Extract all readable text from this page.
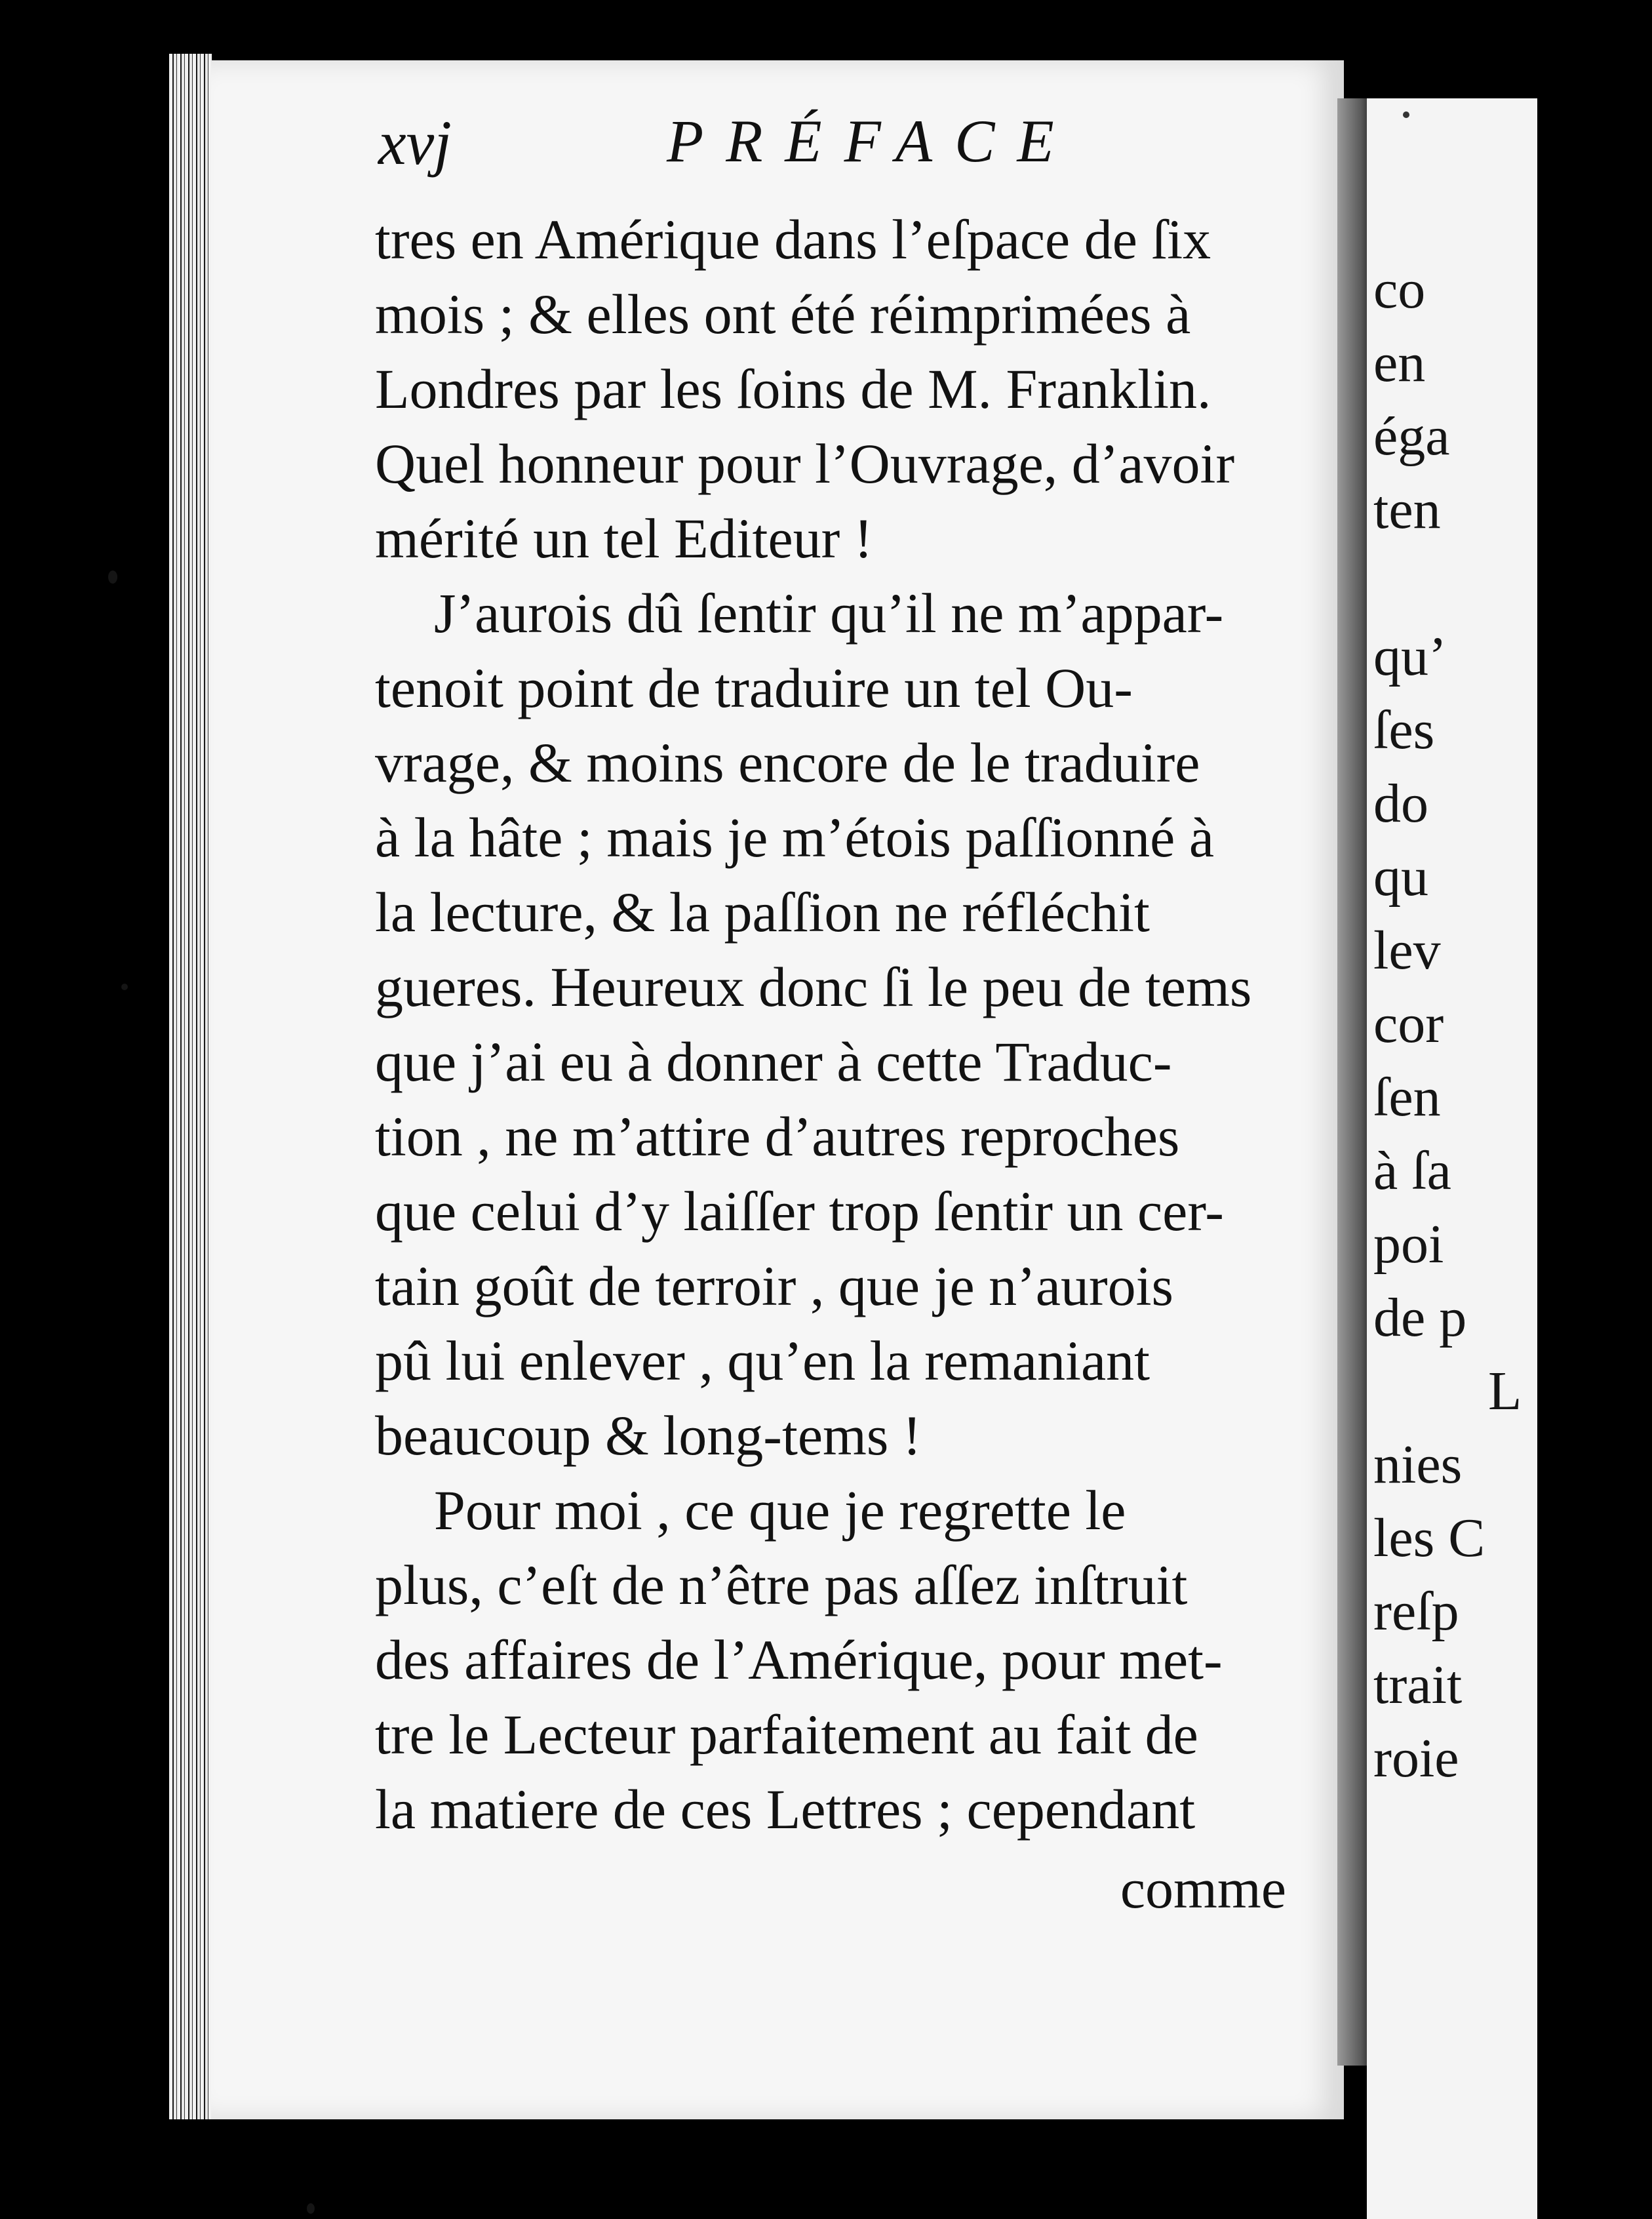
xvj	PRÉFACE
tres en Amérique dans l’eſpace de ſix
mois ; & elles ont été réimprimées à
Londres par les ſoins de M. Franklin.
Quel honneur pour l’Ouvrage, d’avoir
mérité un tel Editeur !
J’aurois dû ſentir qu’il ne m’appar-
tenoit point de traduire un tel Ou-
vrage, & moins encore de le traduire
à la hâte ; mais je m’étois paſſionné à
la lecture, & la paſſion ne réfléchit
gueres. Heureux donc ſi le peu de tems
que j’ai eu à donner à cette Traduc-
tion , ne m’attire d’autres reproches
que celui d’y laiſſer trop ſentir un cer-
tain goût de terroir , que je n’aurois
pû lui enlever , qu’en la remaniant
beaucoup & long-tems !
Pour moi , ce que je regrette le
plus, c’eſt de n’être pas aſſez inſtruit
des affaires de l’Amérique, pour met-
tre le Lecteur parfaitement au fait de
la matiere de ces Lettres ; cependant
comme
co
en
éga
ten
qu’
ſes
do
qu
lev
cor
ſen
à ſa
poi
de p
L
nies
les C
reſp
trait
roie
